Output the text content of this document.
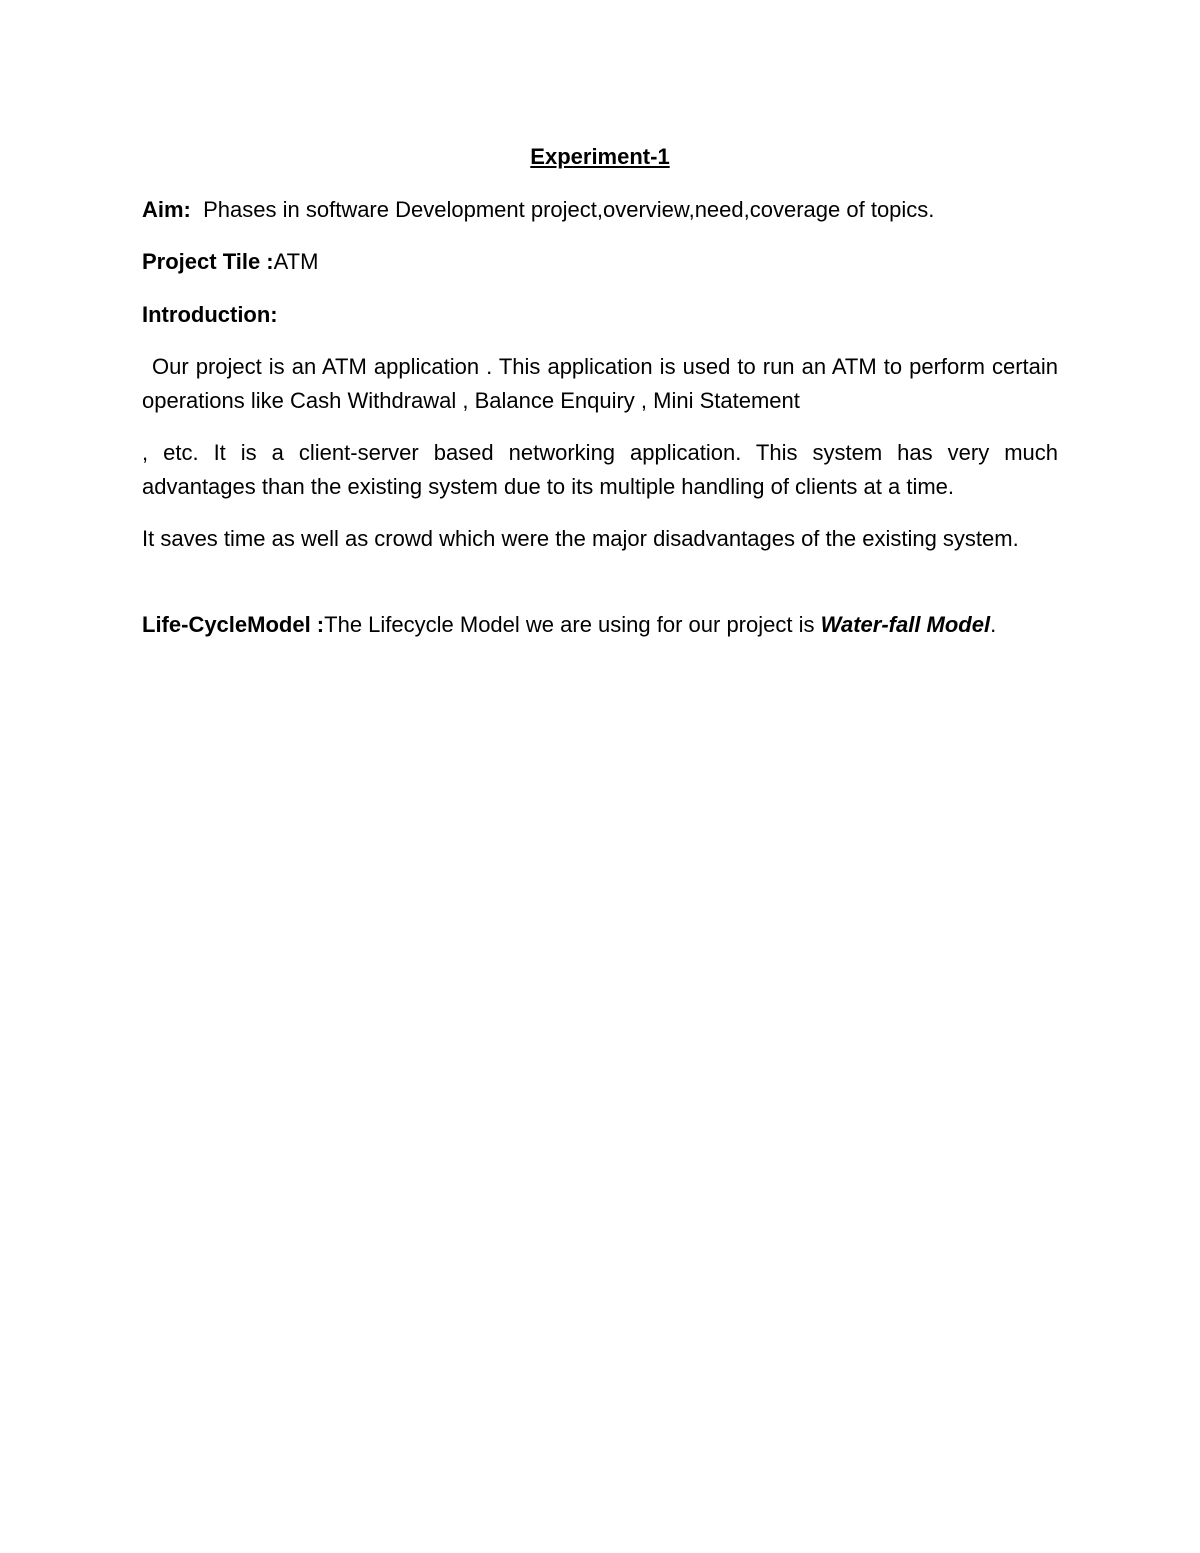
Experiment-1
Aim: Phases in software Development project,overview,need,coverage of topics.
Project Tile :ATM
Introduction:
Our project is an ATM application . This application is used to run an ATM to perform certain operations like Cash Withdrawal , Balance Enquiry , Mini Statement
, etc. It is a client-server based networking application. This system has very much advantages than the existing system due to its multiple handling of clients at a time.
It saves time as well as crowd which were the major disadvantages of the existing system.
Life-CycleModel :The Lifecycle Model we are using for our project is Water-fall Model.
